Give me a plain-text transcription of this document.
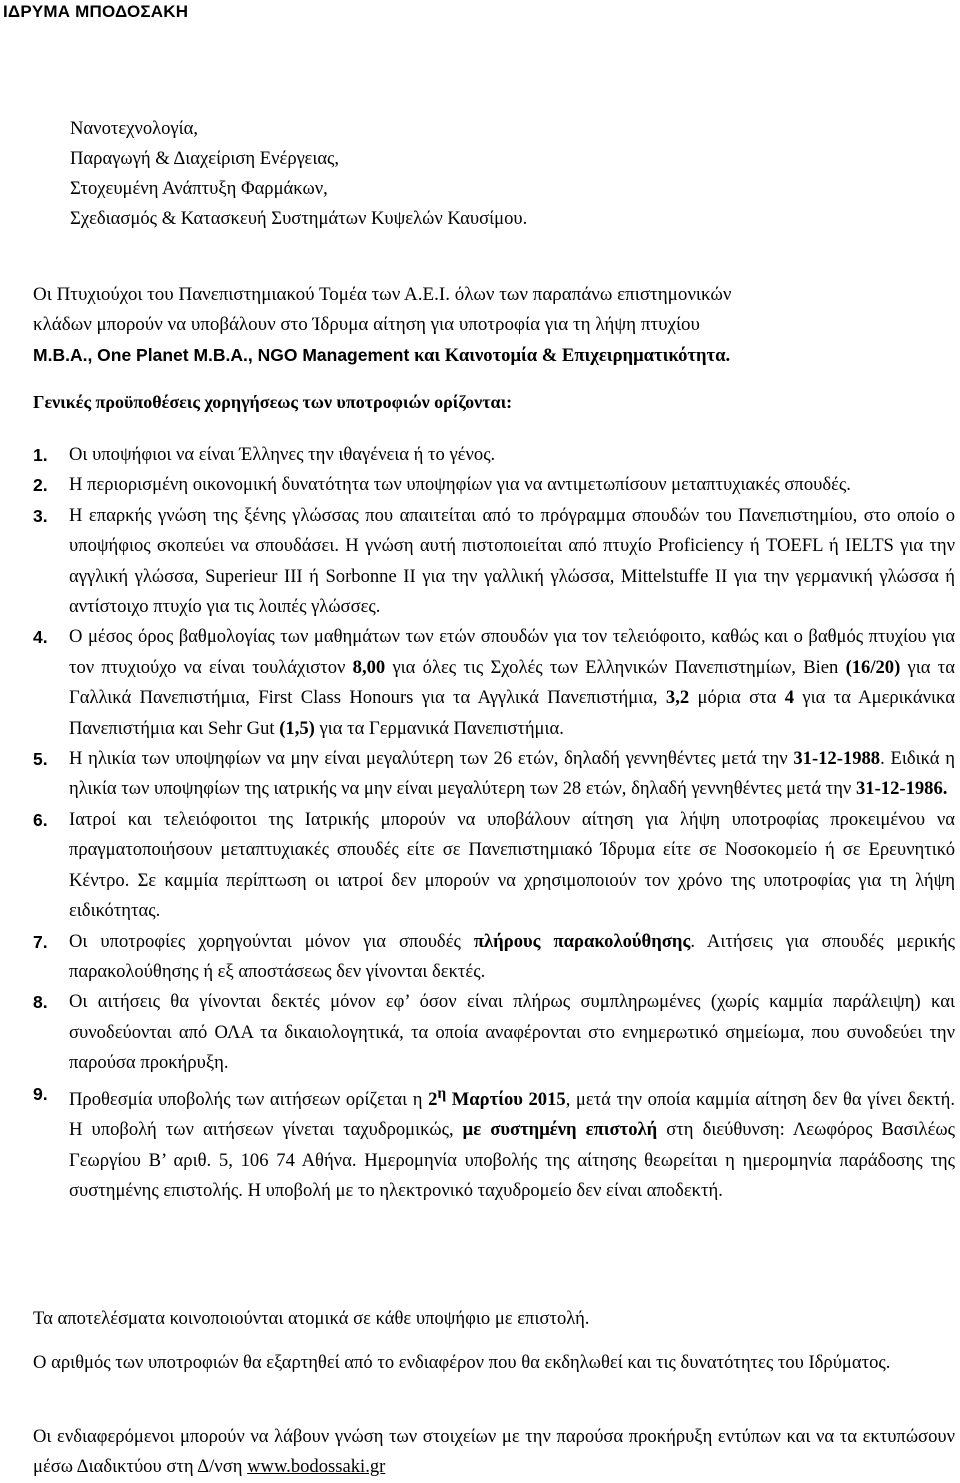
ΙΔΡΥΜΑ ΜΠΟΔΟΣΑΚΗ
Νανοτεχνολογία,
Παραγωγή & Διαχείριση Ενέργειας,
Στοχευμένη Ανάπτυξη Φαρμάκων,
Σχεδιασμός & Κατασκευή Συστημάτων Κυψελών Καυσίμου.
Οι Πτυχιούχοι του Πανεπιστημιακού Τομέα των Α.Ε.Ι. όλων των παραπάνω επιστημονικών
κλάδων μπορούν να υποβάλουν στο Ίδρυμα αίτηση για υποτροφία για τη λήψη πτυχίου
M.B.A., One Planet M.B.A., NGO Management και Καινοτομία & Επιχειρηματικότητα.
Γενικές προϋποθέσεις χορηγήσεως των υποτροφιών ορίζονται:

1. Οι υποψήφιοι να είναι Έλληνες την ιθαγένεια ή το γένος.

2. Η περιορισμένη οικονομική δυνατότητα των υποψηφίων για να αντιμετωπίσουν μεταπτυχιακές σπουδές.

3. Η επαρκής γνώση της ξένης γλώσσας που απαιτείται από το πρόγραμμα σπουδών του Πανεπιστημίου, στο οποίο ο υποψήφιος σκοπεύει να σπουδάσει. Η γνώση αυτή πιστοποιείται από πτυχίο Proficiency ή TOEFL ή IELTS για την αγγλική γλώσσα, Superieur III ή Sorbonne II για την γαλλική γλώσσα, Mittelstuffe II για την γερμανική γλώσσα ή αντίστοιχο πτυχίο για τις λοιπές γλώσσες.

4. Ο μέσος όρος βαθμολογίας των μαθημάτων των ετών σπουδών για τον τελειόφοιτο, καθώς και ο βαθμός πτυχίου για τον πτυχιούχο να είναι τουλάχιστον 8,00 για όλες τις Σχολές των Ελληνικών Πανεπιστημίων, Bien (16/20) για τα Γαλλικά Πανεπιστήμια, First Class Honours για τα Αγγλικά Πανεπιστήμια, 3,2 μόρια στα 4 για τα Αμερικάνικα Πανεπιστήμια και Sehr Gut (1,5) για τα Γερμανικά Πανεπιστήμια.

5. Η ηλικία των υποψηφίων να μην είναι μεγαλύτερη των 26 ετών, δηλαδή γεννηθέντες μετά την 31-12-1988. Ειδικά η ηλικία των υποψηφίων της ιατρικής να μην είναι μεγαλύτερη των 28 ετών, δηλαδή γεννηθέντες μετά την 31-12-1986.

6. Ιατροί και τελειόφοιτοι της Ιατρικής μπορούν να υποβάλουν αίτηση για λήψη υποτροφίας προκειμένου να πραγματοποιήσουν μεταπτυχιακές σπουδές είτε σε Πανεπιστημιακό Ίδρυμα είτε σε Νοσοκομείο ή σε Ερευνητικό Κέντρο. Σε καμμία περίπτωση οι ιατροί δεν μπορούν να χρησιμοποιούν τον χρόνο της υποτροφίας για τη λήψη ειδικότητας.

7. Οι υποτροφίες χορηγούνται μόνον για σπουδές πλήρους παρακολούθησης. Αιτήσεις για σπουδές μερικής παρακολούθησης ή εξ αποστάσεως δεν γίνονται δεκτές.

8. Οι αιτήσεις θα γίνονται δεκτές μόνον εφ’ όσον είναι πλήρως συμπληρωμένες (χωρίς καμμία παράλειψη) και συνοδεύονται από ΟΛΑ τα δικαιολογητικά, τα οποία αναφέρονται στο ενημερωτικό σημείωμα, που συνοδεύει την παρούσα προκήρυξη.

9. Προθεσμία υποβολής των αιτήσεων ορίζεται η $2^\eta$ Μαρτίου 2015, μετά την οποία καμμία αίτηση δεν θα γίνει δεκτή. Η υποβολή των αιτήσεων γίνεται ταχυδρομικώς, με συστημένη επιστολή στη διεύθυνση: Λεωφόρος Βασιλέως Γεωργίου Β’ αριθ. 5, 106 74 Αθήνα. Ημερομηνία υποβολής της αίτησης θεωρείται η ημερομηνία παράδοσης της συστημένης επιστολής. Η υποβολή με το ηλεκτρονικό ταχυδρομείο δεν είναι αποδεκτή.

Τα αποτελέσματα κοινοποιούνται ατομικά σε κάθε υποψήφιο με επιστολή.
Ο αριθμός των υποτροφιών θα εξαρτηθεί από το ενδιαφέρον που θα εκδηλωθεί και τις δυνατότητες του Ιδρύματος.
Οι ενδιαφερόμενοι μπορούν να λάβουν γνώση των στοιχείων με την παρούσα προκήρυξη εντύπων και να τα εκτυπώσουν μέσω Διαδικτύου στη Δ/νση www.bodossaki.gr
